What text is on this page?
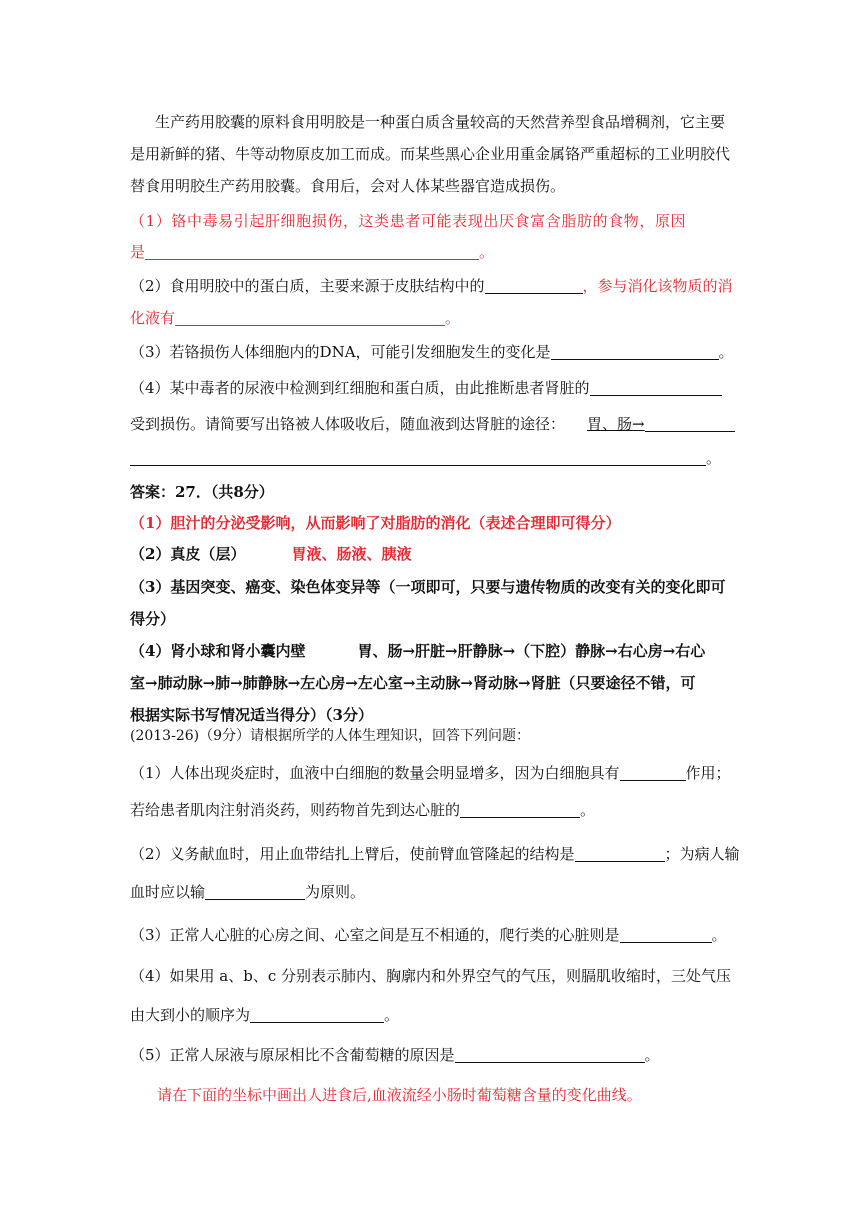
生产药用胶囊的原料食用明胶是一种蛋白质含量较高的天然营养型食品增稠剂，它主要
是用新鲜的猪、牛等动物原皮加工而成。而某些黑心企业用重金属铬严重超标的工业明胶代
替食用明胶生产药用胶囊。食用后，会对人体某些器官造成损伤。
（1）铬中毒易引起肝细胞损伤，这类患者可能表现出厌食富含脂肪的食物，原因
是	。
（2）食用明胶中的蛋白质，主要来源于皮肤结构中的	，参与消化该物质的消
化液有	。
（3）若铬损伤人体细胞内的DNA，可能引发细胞发生的变化是	。
（4）某中毒者的尿液中检测到红细胞和蛋白质，由此推断患者肾脏的
受到损伤。请简要写出铬被人体吸收后，随血液到达肾脏的途径： 胃、肠→
。
答案：27．（共8分）
（1）胆汁的分泌受影响，从而影响了对脂肪的消化（表述合理即可得分）
（2）真皮（层）	胃液、肠液、胰液
（3）基因突变、癌变、染色体变异等（一项即可，只要与遗传物质的改变有关的变化即可
得分）
（4）肾小球和肾小囊内壁	胃、肠→肝脏→肝静脉→（下腔）静脉→右心房→右心
室→肺动脉→肺→肺静脉→左心房→左心室→主动脉→肾动脉→肾脏（只要途径不错，可
根据实际书写情况适当得分）（3分）
(2013-26)（9分）请根据所学的人体生理知识，回答下列问题：
（1）人体出现炎症时，血液中白细胞的数量会明显增多，因为白细胞具有	作用；
若给患者肌肉注射消炎药，则药物首先到达心脏的	。
（2）义务献血时，用止血带结扎上臂后，使前臂血管隆起的结构是	；为病人输
血时应以输	为原则。
（3）正常人心脏的心房之间、心室之间是互不相通的，爬行类的心脏则是	。
（4）如果用 a、b、c 分别表示肺内、胸廓内和外界空气的气压，则膈肌收缩时，三处气压
由大到小的顺序为	。
（5）正常人尿液与原尿相比不含葡萄糖的原因是	。
请在下面的坐标中画出人进食后,血液流经小肠时葡萄糖含量的变化曲线。
